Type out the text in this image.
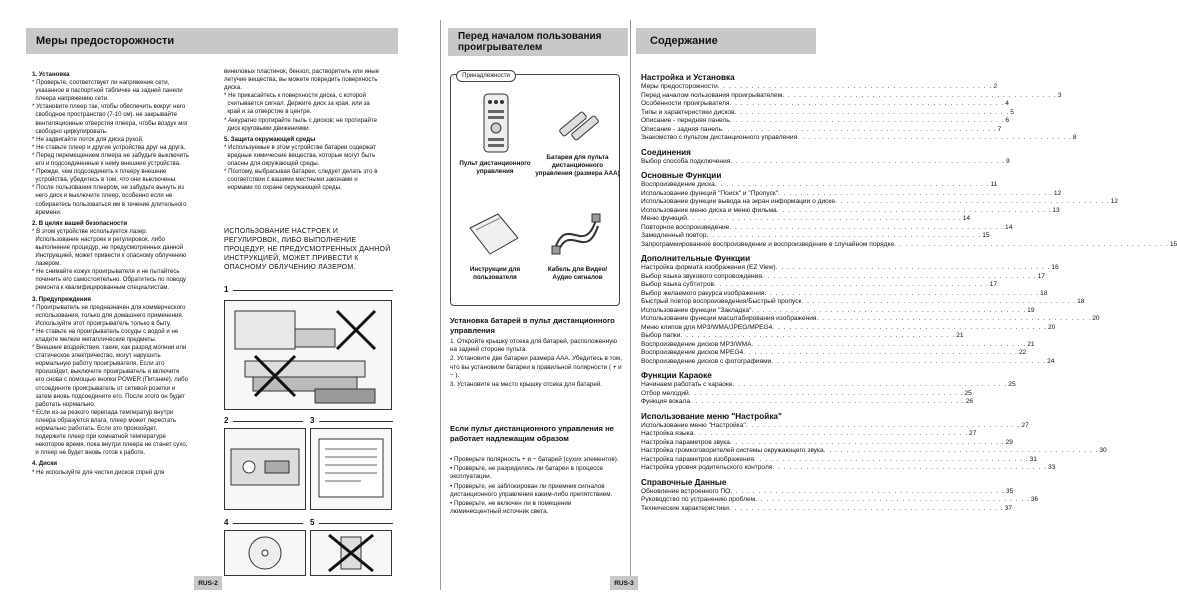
Меры предосторожности	Перед началом пользования проигрывателем
Содержание
1. Установка
* Проверьте, соответствует ли напряжение сети,
указанное в паспортной табличке на задней панели
плеера напряжению сети.
* Установите плеер так, чтобы обеспечить вокруг него
свободное пространство (7-10 см). не закрывайте
вентиляционные отверстия плеера, чтобы воздух мог
свободно циркулировать.
* Не задвигайте лоток для диска рукой.
* Не ставьте плеер и другие устройства друг на друга.
* Перед перемещением плеера не забудьте выключить
его и подсоединенные к нему внешние устройства.
* Прежде, чем подсоединить к плееру внешние
устройства, убедитесь в том, что они выключены.
* После пользования плеером, не забудьте вынуть из
него диск и выключите плеер, особенно если не
собираетесь пользоваться им в течение длительного
времени.
2. В целях вашей безопасности
* В этом устройстве используется лазер.
Использование настроек и регулировок, либо
выполнение процедур, не предусмотренных данной
Инструкцией, может привести к опасному облучению
лазером.
* Не снимайте кожух проигрывателя и не пытайтесь
починить его самостоятельно. Обратитесь по поводу
ремонта к квалифицированным специалистам.
3. Предупреждения
* Проигрыватель не предназначен для коммерческого
использования, только для домашнего применения.
Используйте этот проигрыватель только в быту.
* Не ставьте на проигрыватель сосуды с водой и не
кладите мелкие металлические предметы.
* Внешние воздействия, такие, как разряд молнии или
статическое электричество, могут нарушить
нормальную работу проигрывателя. Если это
произойдет, выключите проигрыватель и включите
его снова с помощью кнопки POWER (Питание), либо
отсоедините проигрыватель от сетевой розетки и
затем вновь подсоедините его. После этого он будет
работать нормально.
* Если из-за резкого перепада температур внутри
плеера образуется влага, плеер может перестать
нормально работать. Если это произойдет,
подержите плеер при комнатной температуре
некоторое время, пока внутри плеера не станет сухо,
и плеер не будет вновь готов к работе.
4. Диски
* Не используйте для чистки дисков спрей для
виниловых пластинок, бензол, растворитель или иные
летучие вещества, вы можете повредить поверхность
диска.
* Не прикасайтесь к поверхности диска, с которой
считывается сигнал. Держите диск за края, или за
край и за отверстие в центре.
* Аккуратно протирайте пыль с дисков; не протирайте
диск круговыми движениями.
5. Защита окружающей среды
* Используемые в этом устройстве батареи содержат
вредные химические вещества, которые могут быть
опасны для окружающей среды.
* Поэтому, выбрасывая батареи, следует делать это в
соответствии с вашими местными законами и
нормами по охране окружающей среды.
ИСПОЛЬЗОВАНИЕ НАСТРОЕК И
РЕГУЛИРОВОК, ЛИБО ВЫПОЛНЕНИЕ
ПРОЦЕДУР, НЕ ПРЕДУСМОТРЕННЫХ ДАННОЙ
ИНСТРУКЦИЕЙ, МОЖЕТ ПРИВЕСТИ К
ОПАСНОМУ ОБЛУЧЕНИЮ ЛАЗЕРОМ.
1
2	3
4	5
RUS-2
Принадлежности
Пульт дистанционного управления
Батареи для пульта дистанционного управления (размера AAA)
Инструкции для пользователя
Кабель для Видео/Аудио сигналов
Установка батарей в пульт дистанционного управления
1. Откройте крышку отсека для батарей, расположенную на задней стороне пульта.
2. Установите две батареи размера AAA. Убедитесь в том, что вы установили батареи в правильной полярности ( + и − ).
3. Установите на место крышку отсека для батарей.
Если пульт дистанционного управления не работает надлежащим образом
• Проверьте полярность + и − батарей (сухих элементов).
• Проверьте, не разрядились ли батареи в процессе эксплуатации.
• Проверьте, не заблокирован ли приемник сигналов дистанционного управления каким-либо препятствием.
• Проверьте, не включен ли в помещении люминесцентный источник света.
RUS-3
Настройка и Установка
Меры предосторожности . . .	2
Перед началом пользования проигрывателем . . .	3
Особенности проигрывателя . . .	4
Типы и характеристики дисков . . .	5
Описание - передняя панель . . .	6
Описание - задняя панель . . .	7
Знакомство с пультом дистанционного управления . . .	8
Соединения
Выбор способа подключения . . .	9
Основные Функции
Воспроизведение диска . . .	11
Использование функций "Поиск" и "Пропуск" . . .	12
Использование функции вывода на экран информации о диске . . .	12
Использование меню диска и меню фильма . . .	13
Меню функций . . .	14
Повторное воспроизведение . . .	14
Замедленный повтор . . .	15
Запрограммированное воспроизведение и воспроизведение в случайном порядке . . .	15
Дополнительные Функции
Настройка формата изображения (EZ View) . . .	16
Выбор языка звукового сопровождения . . .	17
Выбор языка субтитров . . .	17
Выбор желаемого ракурса изображения . . .	18
Быстрый повтор воспроизведения/Быстрый пропуск . . .	18
Использование функции "Закладка" . . .	19
Использование функции масштабирования изображения . . .	20
Меню клипов для MP3/WMA/JPEG/MPEG4 . . .	20
Выбор папки . . .	21
Воспроизведение дисков MP3/WMA . . .	21
Воспроизведение дисков MPEG4 . . .	22
Воспроизведение дисков с фотографиями . . .	24
Функции Караоке
Начинаем работать с караоке . . .	25
Отбор мелодий . . .	25
Функция вокала . . .	26
Использование меню "Настройка"
Использование меню "Настройка" . . .	27
Настройка языка . . .	27
Настройка параметров звука . . .	29
Настройка громкоговорителей системы окружающего звука . . .	30
Настройка параметров изображения . . .	31
Настройка уровня родительского контроля . . .	33
Справочные Данные
Обновление встроенного ПО . . .	35
Руководство по устранению проблем . . .	36
Технические характеристики . . .	37
